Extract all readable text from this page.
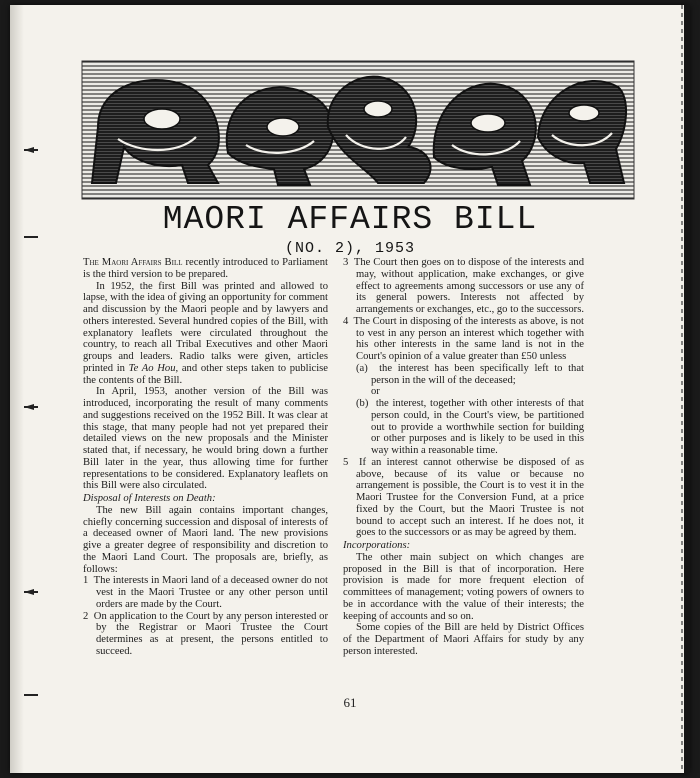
MAORI AFFAIRS BILL
(NO. 2), 1953

The Maori Affairs Bill recently introduced to Parliament is the third version to be prepared.

In 1952, the first Bill was printed and allowed to lapse, with the idea of giving an opportunity for comment and discussion by the Maori people and by lawyers and others interested. Several hundred copies of the Bill, with explanatory leaflets were circulated throughout the country, to reach all Tribal Executives and other Maori groups and leaders. Radio talks were given, articles printed in Te Ao Hou, and other steps taken to publicise the contents of the Bill.

In April, 1953, another version of the Bill was introduced, incorporating the result of many comments and suggestions received on the 1952 Bill. It was clear at this stage, that many people had not yet prepared their detailed views on the new proposals and the Minister stated that, if necessary, he would bring down a further Bill later in the year, thus allowing time for further representations to be considered. Explanatory leaflets on this Bill were also circulated.

Disposal of Interests on Death:

The new Bill again contains important changes, chiefly concerning succession and disposal of interests of a deceased owner of Maori land. The new provisions give a greater degree of responsibility and discretion to the Maori Land Court. The proposals are, briefly, as follows:

1 The interests in Maori land of a deceased owner do not vest in the Maori Trustee or any other person until orders are made by the Court.

2 On application to the Court by any person interested or by the Registrar or Maori Trustee the Court determines as at present, the persons entitled to succeed.

3 The Court then goes on to dispose of the interests and may, without application, make exchanges, or give effect to agreements among successors or use any of its general powers. Interests not affected by arrangements or exchanges, etc., go to the successors.

4 The Court in disposing of the interests as above, is not to vest in any person an interest which together with his other interests in the same land is not in the Court's opinion of a value greater than £50 unless

(a) the interest has been specifically left to that person in the will of the deceased;

or

(b) the interest, together with other interests of that person could, in the Court's view, be partitioned out to provide a worthwhile section for building or other purposes and is likely to be used in this way within a reasonable time.

5 If an interest cannot otherwise be disposed of as above, because of its value or because no arrangement is possible, the Court is to vest it in the Maori Trustee for the Conversion Fund, at a price fixed by the Court, but the Maori Trustee is not bound to accept such an interest. If he does not, it goes to the successors or as may be agreed by them.

Incorporations:

The other main subject on which changes are proposed in the Bill is that of incorporation. Here provision is made for more frequent election of committees of management; voting powers of owners to be in accordance with the value of their interests; the keeping of accounts and so on.

Some copies of the Bill are held by District Offices of the Department of Maori Affairs for study by any person interested.

61
